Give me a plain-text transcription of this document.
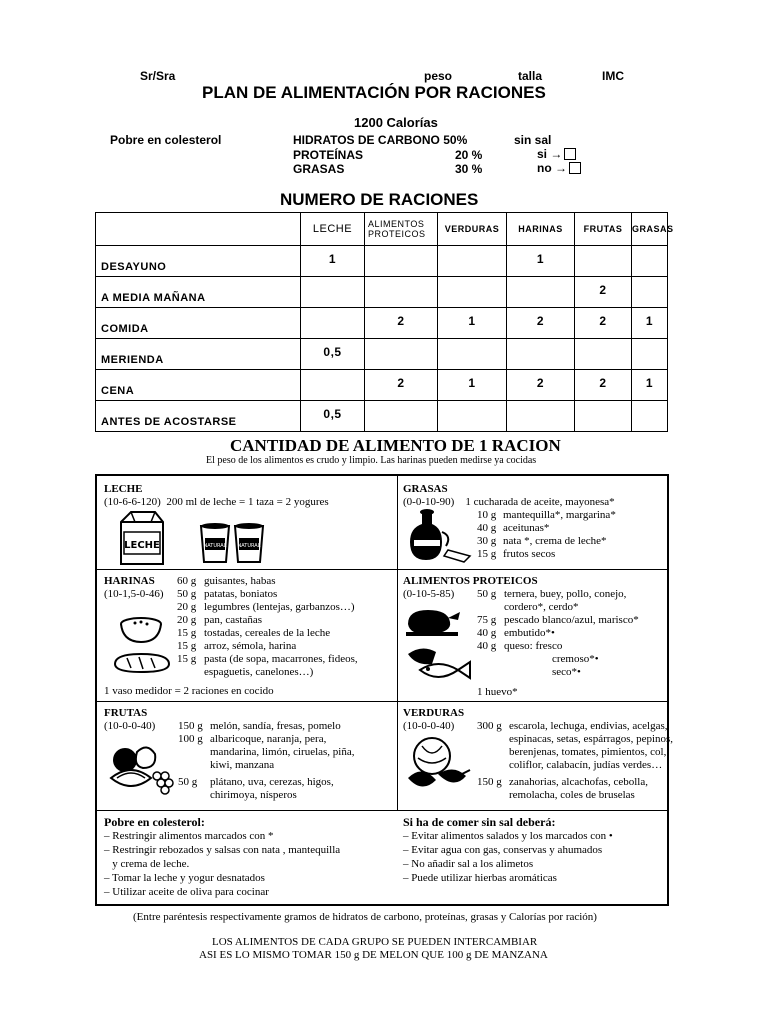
Sr/Sra	peso	talla	IMC
PLAN DE ALIMENTACIÓN POR RACIONES
1200 Calorías
Pobre en colesterol	HIDRATOS DE CARBONO 50%	sin sal
PROTEÍNAS	20 %	si →
GRASAS	30 %	no →
NUMERO DE RACIONES
	LECHE	ALIMENTOS PROTEICOS	VERDURAS	HARINAS	FRUTAS	GRASAS
DESAYUNO	1			1		
A MEDIA MAÑANA					2	
COMIDA		2	1	2	2	1
MERIENDA	0,5					
CENA		2	1	2	2	1
ANTES DE ACOSTARSE	0,5					
CANTIDAD DE ALIMENTO DE 1 RACION
El peso de los alimentos es crudo y limpio. Las harinas pueden medirse ya cocidas
LECHE
(10-6-6-120) 200 ml de leche = 1 taza = 2 yogures
LECHE	NATURAL NATURAL
GRASAS
(0-0-10-90) 1 cucharada de aceite, mayonesa*
10 g mantequilla*, margarina*
40 g aceitunas*
30 g nata *, crema de leche*
15 g frutos secos
HARINAS 60 g guisantes, habas
(10-1,5-0-46) 50 g patatas, boniatos
20 g legumbres (lentejas, garbanzos…)
20 g pan, castañas
15 g tostadas, cereales de la leche
15 g arroz, sémola, harina
15 g pasta (de sopa, macarrones, fideos,
espaguetis, canelones…)
1 vaso medidor = 2 raciones en cocido
ALIMENTOS PROTEICOS
(0-10-5-85) 50 g ternera, buey, pollo, conejo,
cordero*, cerdo*
75 g pescado blanco/azul, marisco*
40 g embutido*•
40 g queso: fresco
cremoso*•
seco*•
1 huevo*
FRUTAS
(10-0-0-40) 150 g melón, sandía, fresas, pomelo
100 g albaricoque, naranja, pera,
mandarina, limón, ciruelas, piña,
kiwi, manzana
50 g plátano, uva, cerezas, higos,
chirimoya, nísperos
VERDURAS
(10-0-0-40) 300 g escarola, lechuga, endivias, acelgas,
espinacas, setas, espárragos, pepinos,
berenjenas, tomates, pimientos, col,
coliflor, calabacín, judías verdes…
150 g zanahorias, alcachofas, cebolla,
remolacha, coles de bruselas
Pobre en colesterol:
– Restringir alimentos marcados con *
– Restringir rebozados y salsas con nata , mantequilla
y crema de leche.
– Tomar la leche y yogur desnatados
– Utilizar aceite de oliva para cocinar
Si ha de comer sin sal deberá:
– Evitar alimentos salados y los marcados con •
– Evitar agua con gas, conservas y ahumados
– No añadir sal a los alimetos
– Puede utilizar hierbas aromáticas
(Entre paréntesis respectivamente gramos de hidratos de carbono, proteínas, grasas y Calorías por ración)
LOS ALIMENTOS DE CADA GRUPO SE PUEDEN INTERCAMBIAR
ASI ES LO MISMO TOMAR 150 g DE MELON QUE 100 g DE MANZANA
